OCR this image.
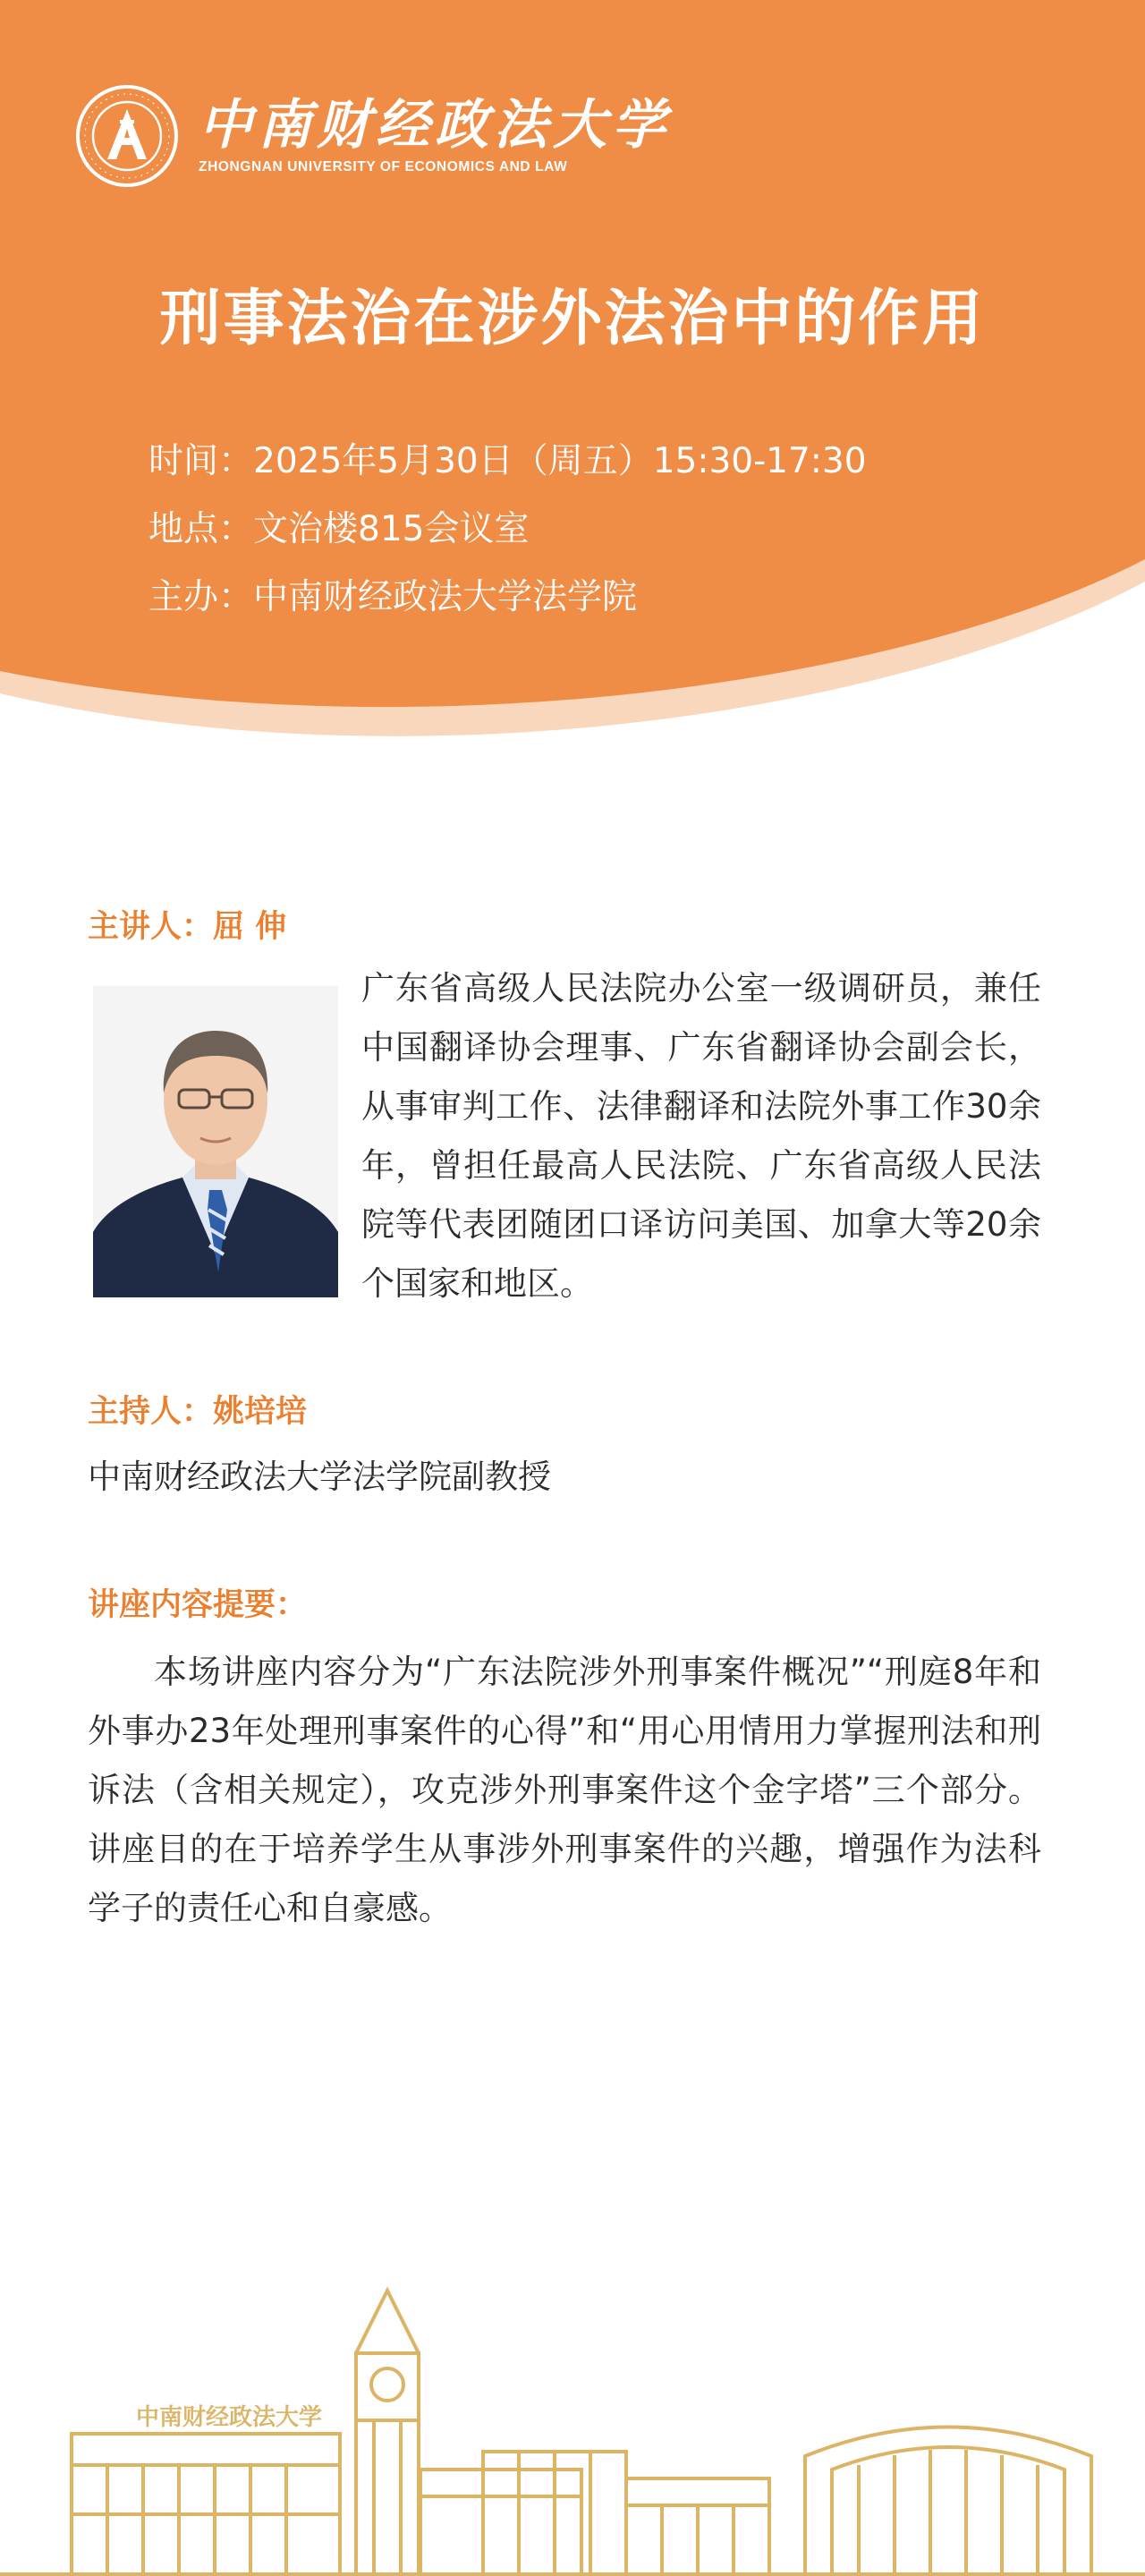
中南财经政法大学
ZHONGNAN UNIVERSITY OF ECONOMICS AND LAW
刑事法治在涉外法治中的作用
时间：2025年5月30日（周五）15:30-17:30
地点：文治楼815会议室
主办：中南财经政法大学法学院
主讲人：屈 伸
广东省高级人民法院办公室一级调研员，兼任中国翻译协会理事、广东省翻译协会副会长，从事审判工作、法律翻译和法院外事工作30余年，曾担任最高人民法院、广东省高级人民法院等代表团随团口译访问美国、加拿大等20余个国家和地区。
主持人：姚培培
中南财经政法大学法学院副教授
讲座内容提要：
本场讲座内容分为“广东法院涉外刑事案件概况”“刑庭8年和外事办23年处理刑事案件的心得”和“用心用情用力掌握刑法和刑诉法（含相关规定），攻克涉外刑事案件这个金字塔”三个部分。讲座目的在于培养学生从事涉外刑事案件的兴趣，增强作为法科学子的责任心和自豪感。
中南财经政法大学
